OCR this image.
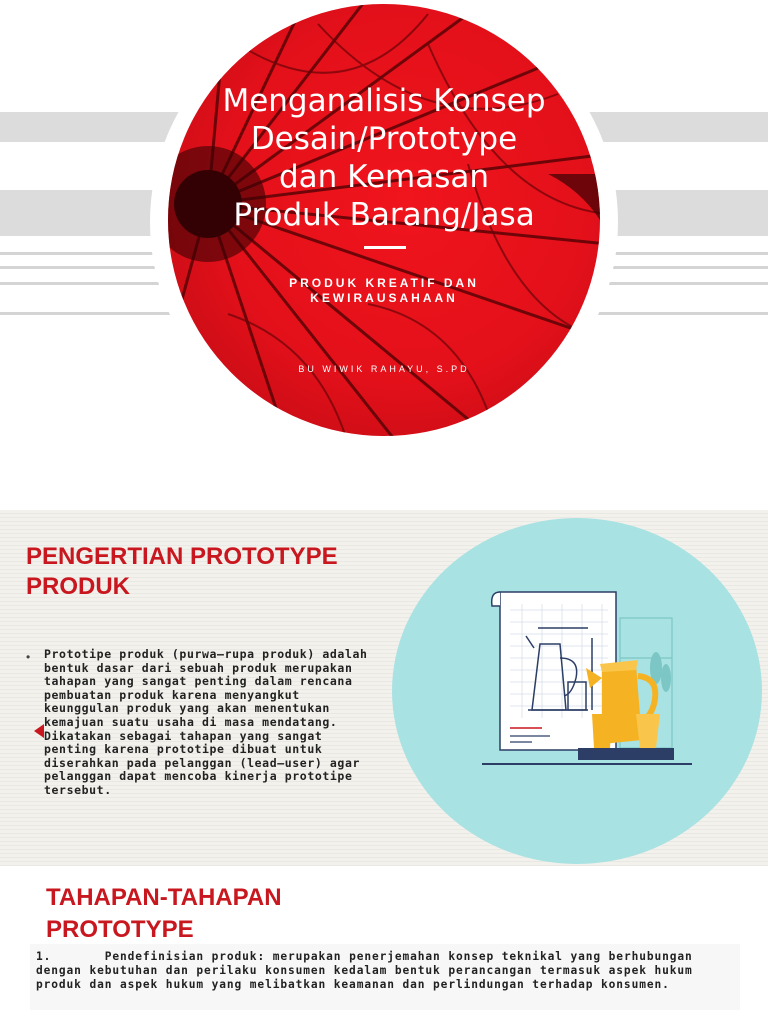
Menganalisis Konsep
Desain/Prototype
dan Kemasan
Produk Barang/Jasa
PRODUK KREATIF DAN
KEWIRAUSAHAAN
BU WIWIK RAHAYU, S.PD
PENGERTIAN PROTOTYPE
PRODUK
• Prototipe produk (purwa–rupa produk) adalah bentuk dasar dari sebuah produk merupakan tahapan yang sangat penting dalam rencana pembuatan produk karena menyangkut keunggulan produk yang akan menentukan kemajuan suatu usaha di masa mendatang. Dikatakan sebagai tahapan yang sangat penting karena prototipe dibuat untuk diserahkan pada pelanggan (lead–user) agar pelanggan dapat mencoba kinerja prototipe tersebut.

TAHAPAN-TAHAPAN
PROTOTYPE

1.	Pendefinisian produk: merupakan penerjemahan konsep teknikal yang berhubungan dengan kebutuhan dan perilaku konsumen kedalam bentuk perancangan termasuk aspek hukum produk dan aspek hukum yang melibatkan keamanan dan perlindungan terhadap konsumen.
